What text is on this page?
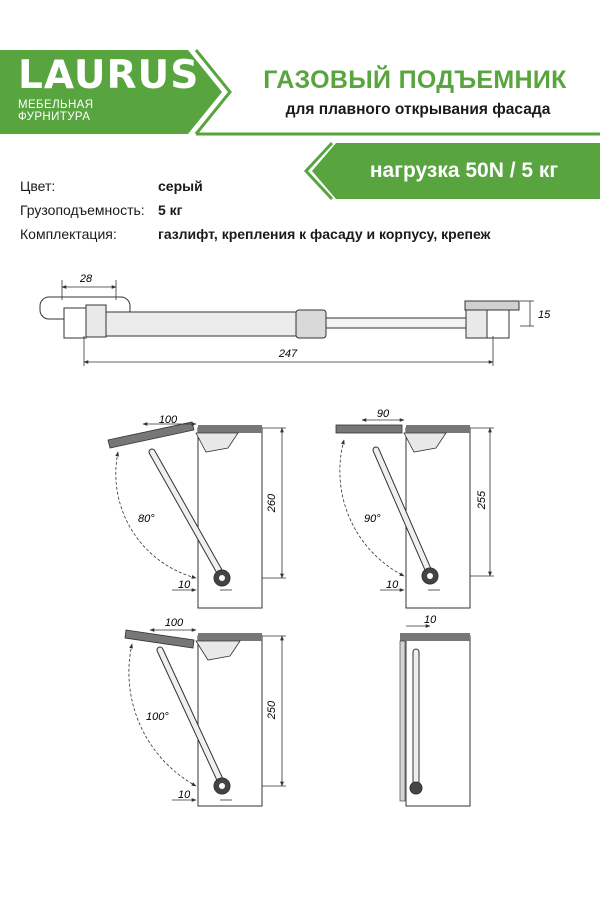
LAURUS
МЕБЕЛЬНАЯ ФУРНИТУРА
ГАЗОВЫЙ ПОДЪЕМНИК
для плавного открывания фасада
нагрузка 50N / 5 кг
Цвет:	серый
Грузоподъемность: 5 кг
Комплектация:	газлифт, крепления к фасаду и корпусу, крепеж
28
247
15
100
260
80°
10
90
255
90°
10
100
250
100°
10
10
